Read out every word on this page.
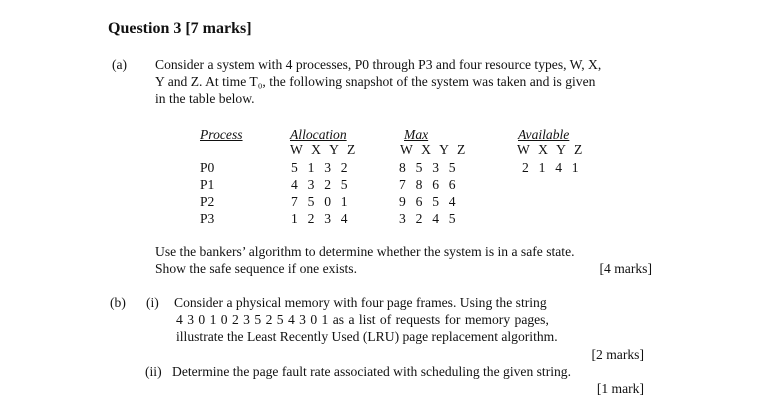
Question 3 [7 marks]
(a) Consider a system with 4 processes, P0 through P3 and four resource types, W, X,
Y and Z. At time T₀, the following snapshot of the system was taken and is given
in the table below.
Process	Allocation	Max	Available
W X Y Z	W X Y Z	W X Y Z
P0	5 1 3 2	8 5 3 5	2 1 4 1
P1	4 3 2 5	7 8 6 6
P2	7 5 0 1	9 6 5 4
P3	1 2 3 4	3 2 4 5
Use the bankers’ algorithm to determine whether the system is in a safe state.
Show the safe sequence if one exists.	[4 marks]
(b) (i) Consider a physical memory with four page frames. Using the string
4 3 0 1 0 2 3 5 2 5 4 3 0 1 as a list of requests for memory pages,
illustrate the Least Recently Used (LRU) page replacement algorithm.
[2 marks]
(ii) Determine the page fault rate associated with scheduling the given string.
[1 mark]
